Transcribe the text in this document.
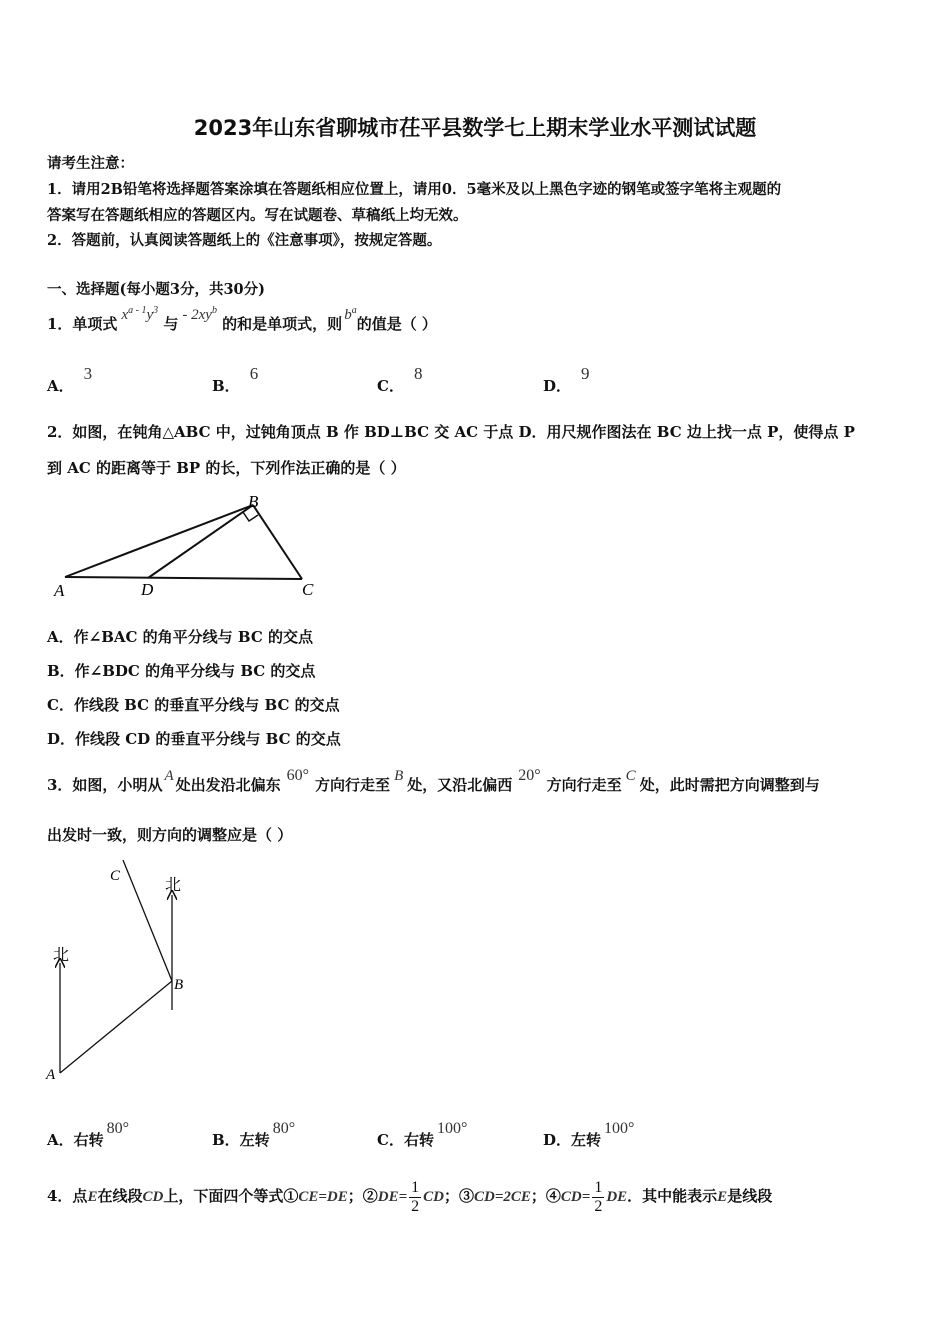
2023年山东省聊城市茌平县数学七上期末学业水平测试试题
请考生注意：
1．请用2B铅笔将选择题答案涂填在答题纸相应位置上，请用0．5毫米及以上黑色字迹的钢笔或签字笔将主观题的
答案写在答题纸相应的答题区内。写在试题卷、草稿纸上均无效。
2．答题前，认真阅读答题纸上的《注意事项》，按规定答题。
一、选择题(每小题3分，共30分)
1．单项式 $x^{a - 1}y^3$ 与 - $2xy^b$ 的和是单项式，则 $b^a$的值是（ ）
A．3
B．6
C．8
D．9
2．如图，在钝角△ABC 中，过钝角顶点 B 作 BD⊥BC 交 AC 于点 D．用尺规作图法在 BC 边上找一点 P，使得点 P
到 AC 的距离等于 BP 的长，下列作法正确的是（ ）
A	D
B
C
A．作∠BAC 的角平分线与 BC 的交点
B．作∠BDC 的角平分线与 BC 的交点
C．作线段 BC 的垂直平分线与 BC 的交点
D．作线段 CD 的垂直平分线与 BC 的交点
3．如图，小明从 A 处出发沿北偏东60°方向行走至 B 处，又沿北偏西20°方向行走至 C 处，此时需把方向调整到与
出发时一致，则方向的调整应是（ ）
北
北
C
B
A
A．右转80°
B．左转80°
C．右转100°
D．左转100°
4．点E在线段CD上，下面四个等式①CE=DE；②DE= $\frac{1}{2}$ CD；③CD=2CE；④CD= $\frac{1}{2}$ DE．其中能表示E是线段
